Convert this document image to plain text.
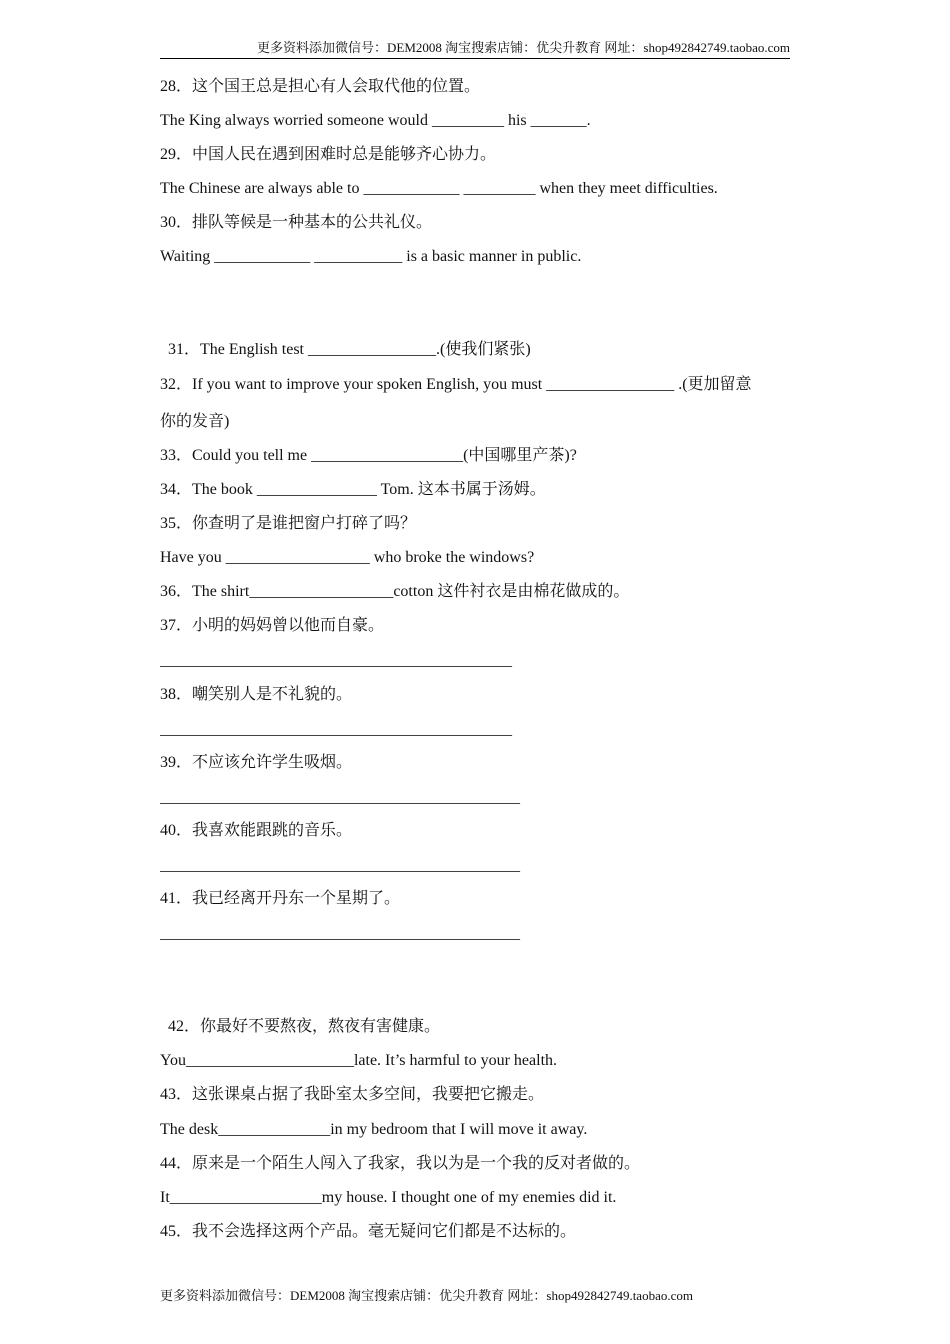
更多资料添加微信号：DEM2008 淘宝搜索店铺：优尖升教育 网址：shop492842749.taobao.com
28．这个国王总是担心有人会取代他的位置。
The King always worried someone would _________ his _______.
29．中国人民在遇到困难时总是能够齐心协力。
The Chinese are always able to ____________ _________ when they meet difficulties.
30．排队等候是一种基本的公共礼仪。
Waiting ____________ ___________ is a basic manner in public.
31．The English test ________________.(使我们紧张)
32．If you want to improve your spoken English, you must ________________ .(更加留意
你的发音)
33．Could you tell me ___________________(中国哪里产茶)?
34．The book _______________ Tom. 这本书属于汤姆。
35．你查明了是谁把窗户打碎了吗？
Have you __________________ who broke the windows?
36．The shirt__________________cotton 这件衬衣是由棉花做成的。
37．小明的妈妈曾以他而自豪。
____________________________________________
38．嘲笑别人是不礼貌的。
____________________________________________
39．不应该允许学生吸烟。
_____________________________________________
40．我喜欢能跟跳的音乐。
_____________________________________________
41．我已经离开丹东一个星期了。
_____________________________________________
42．你最好不要熬夜，熬夜有害健康。
You_____________________late. It’s harmful to your health.
43．这张课桌占据了我卧室太多空间，我要把它搬走。
The desk______________in my bedroom that I will move it away.
44．原来是一个陌生人闯入了我家，我以为是一个我的反对者做的。
It___________________my house. I thought one of my enemies did it.
45．我不会选择这两个产品。毫无疑问它们都是不达标的。
更多资料添加微信号：DEM2008 淘宝搜索店铺：优尖升教育 网址：shop492842749.taobao.com
